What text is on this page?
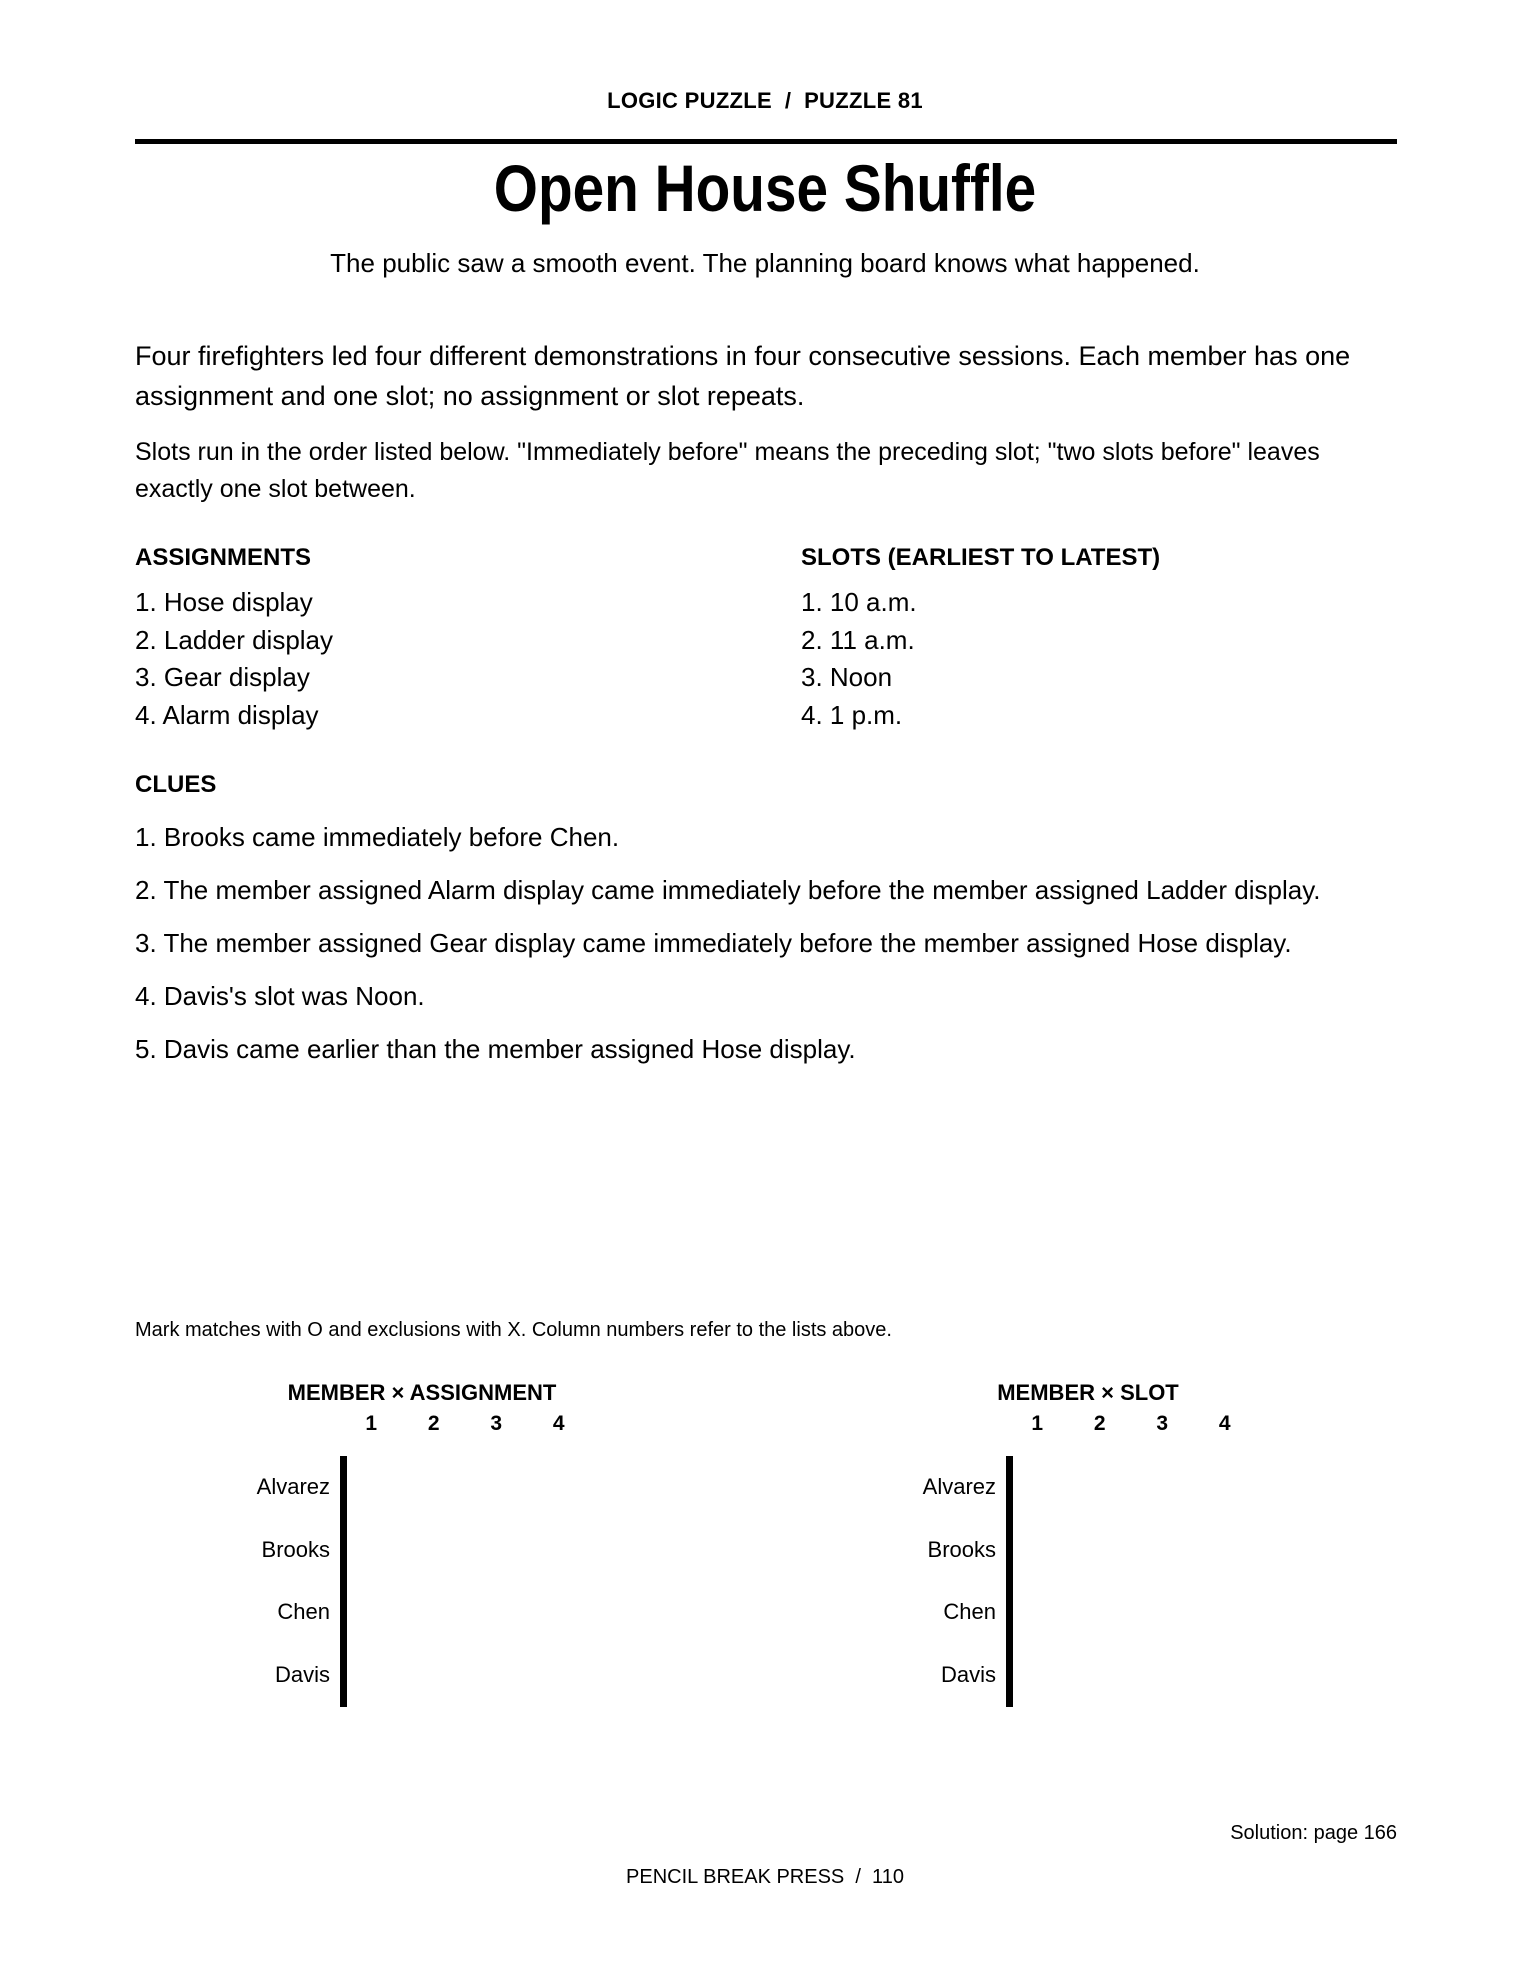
LOGIC PUZZLE  /  PUZZLE 81
Open House Shuffle
The public saw a smooth event. The planning board knows what happened.
Four firefighters led four different demonstrations in four consecutive sessions. Each member has one assignment and one slot; no assignment or slot repeats.
Slots run in the order listed below. "Immediately before" means the preceding slot; "two slots before" leaves exactly one slot between.
ASSIGNMENTS
1. Hose display
2. Ladder display
3. Gear display
4. Alarm display
SLOTS (EARLIEST TO LATEST)
1. 10 a.m.
2. 11 a.m.
3. Noon
4. 1 p.m.
CLUES
1. Brooks came immediately before Chen.
2. The member assigned Alarm display came immediately before the member assigned Ladder display.
3. The member assigned Gear display came immediately before the member assigned Hose display.
4. Davis's slot was Noon.
5. Davis came earlier than the member assigned Hose display.
Mark matches with O and exclusions with X. Column numbers refer to the lists above.
MEMBER × ASSIGNMENT
1	2	3	4
Alvarez
Brooks
Chen
Davis

MEMBER × SLOT
1	2	3	4
Alvarez
Brooks
Chen
Davis

Solution: page 166
PENCIL BREAK PRESS  /  110
